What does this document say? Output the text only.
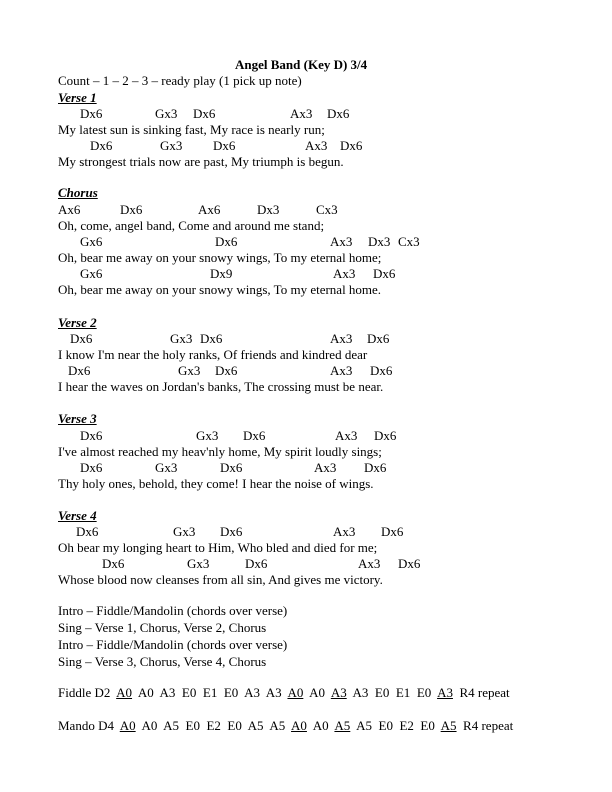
Angel Band (Key D) 3/4
Count – 1 – 2 – 3 – ready play (1 pick up note)
Verse 1
Dx6	Gx3 Dx6	Ax3 Dx6
My latest sun is sinking fast, My race is nearly run;
Dx6	Gx3 Dx6	Ax3 Dx6
My strongest trials now are past, My triumph is begun.
Chorus
Ax6	Dx6	Ax6	Dx3	Cx3
Oh, come, angel band, Come and around me stand;
Gx6	Dx6	Ax3 Dx3 Cx3
Oh, bear me away on your snowy wings, To my eternal home;
Gx6	Dx9	Ax3 Dx6
Oh, bear me away on your snowy wings, To my eternal home.
Verse 2
Dx6	Gx3 Dx6	Ax3 Dx6
I know I'm near the holy ranks, Of friends and kindred dear
Dx6	Gx3 Dx6	Ax3 Dx6
I hear the waves on Jordan's banks, The crossing must be near.
Verse 3
Dx6	Gx3 Dx6	Ax3 Dx6
I've almost reached my heav'nly home, My spirit loudly sings;
Dx6	Gx3	Dx6	Ax3 Dx6
Thy holy ones, behold, they come! I hear the noise of wings.
Verse 4
Dx6	Gx3 Dx6	Ax3 Dx6
Oh bear my longing heart to Him, Who bled and died for me;
Dx6	Gx3	Dx6	Ax3 Dx6
Whose blood now cleanses from all sin, And gives me victory.
Intro – Fiddle/Mandolin (chords over verse)
Sing – Verse 1, Chorus, Verse 2, Chorus
Intro – Fiddle/Mandolin (chords over verse)
Sing – Verse 3, Chorus, Verse 4, Chorus
Fiddle D2  A0 A0 A3 E0 E1 E0 A3 A3 A0 A0 A3 A3 E0 E1 E0 A3 R4 repeat
Mando D4  A0 A0 A5 E0 E2 E0 A5 A5 A0 A0 A5 A5 E0 E2 E0 A5 R4 repeat
